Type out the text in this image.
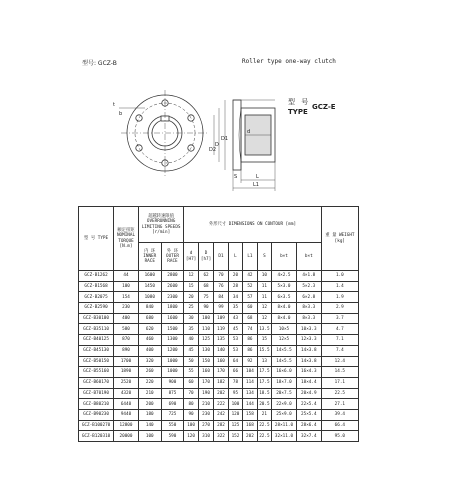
型号: GCZ-B	Roller type one-way clutch
t
b
D1
D
D2
d
L
L1
S
型 号
TYPE
GCZ-E
型 号 TYPE	额定扭矩 NOMINAL TORQUE [N.m]	超越转速限值 OVERRUNNING LIMITING SPEEDS [r/min]		外形尺寸 DIMENSIONS ON CONTOUR [mm]								重 量 WEIGHT [kg]
		内 环 INNER RACE	外 环 OUTER RACE	d [H7]	D [h7]	D1	L	L1	S	b×t	b×t	
GCZ-B1262	44	1600	2800	12	62	70	20	42	10	4×2.5	4×1.8	1.0
GCZ-B1568	100	1450	2600	15	68	76	28	52	11	5×3.0	5×2.3	1.4
GCZ-B2075	154	1080	2300	20	75	84	34	57	11	6×3.5	6×2.8	1.9
GCZ-B2590	230	840	1800	25	90	99	35	60	12	8×4.0	8×3.3	2.9
GCZ-B30100	400	680	1600	30	100	109	43	68	12	8×4.0	8×3.3	3.7
GCZ-B35110	580	620	1500	35	110	119	45	74	13.5	10×5	10×3.3	4.7
GCZ-B40125	870	460	1300	40	125	135	53	86	15	12×5	12×3.3	7.1
GCZ-B45130	890	400	1200	45	130	140	53	86	15.5	14×5.5	14×3.8	7.4
GCZ-B50150	1700	320	1000	50	150	160	64	92	13	14×5.5	14×3.8	12.4
GCZ-B55160	1890	260	1000	55	160	170	66	104	17.5	16×6.0	16×4.3	14.5
GCZ-B60170	2520	220	900	60	170	182	78	114	17.5	18×7.0	18×4.4	17.1
GCZ-B70190	4320	210	875	70	190	202	95	134	18.5	20×7.5	20×4.9	22.5
GCZ-B80210	6440	200	690	80	210	222	100	144	20.5	22×9.0	22×5.4	27.1
GCZ-B90230	9440	180	725	90	230	242	120	158	21	25×9.0	25×5.4	39.4
GCZ-B100270	12800	140	550	100	270	282	125	168	22.5	28×11.0	28×6.4	66.4
GCZ-B120310	20000	100	590	120	310	322	152	202	22.5	32×11.0	32×7.4	95.0
